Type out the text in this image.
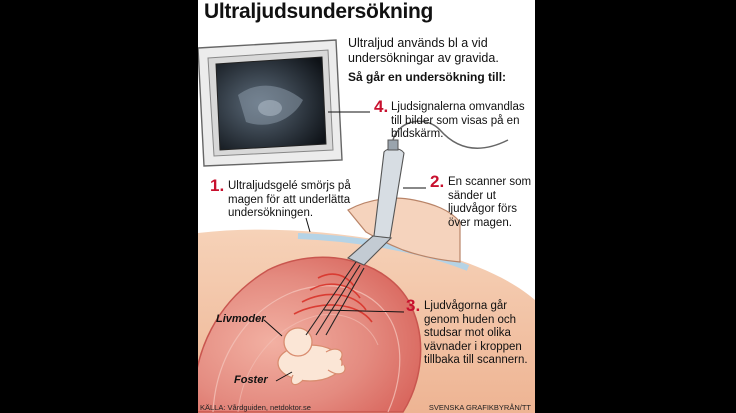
Ultraljudsundersökning
Ultraljud används bl a vid undersökningar av gravida.
Så går en undersökning till:
4. Ljudsignalerna omvandlas till bilder som visas på en bildskärm.
1. Ultraljudsgelé smörjs på magen för att underlätta undersökningen.
2. En scanner som sänder ut ljudvågor förs över magen.
3. Ljudvågorna går genom huden och studsar mot olika vävnader i kroppen tillbaka till scannern.
Livmoder
Foster
KÄLLA: Vårdguiden, netdoktor.se	SVENSKA GRAFIKBYRÅN/TT
